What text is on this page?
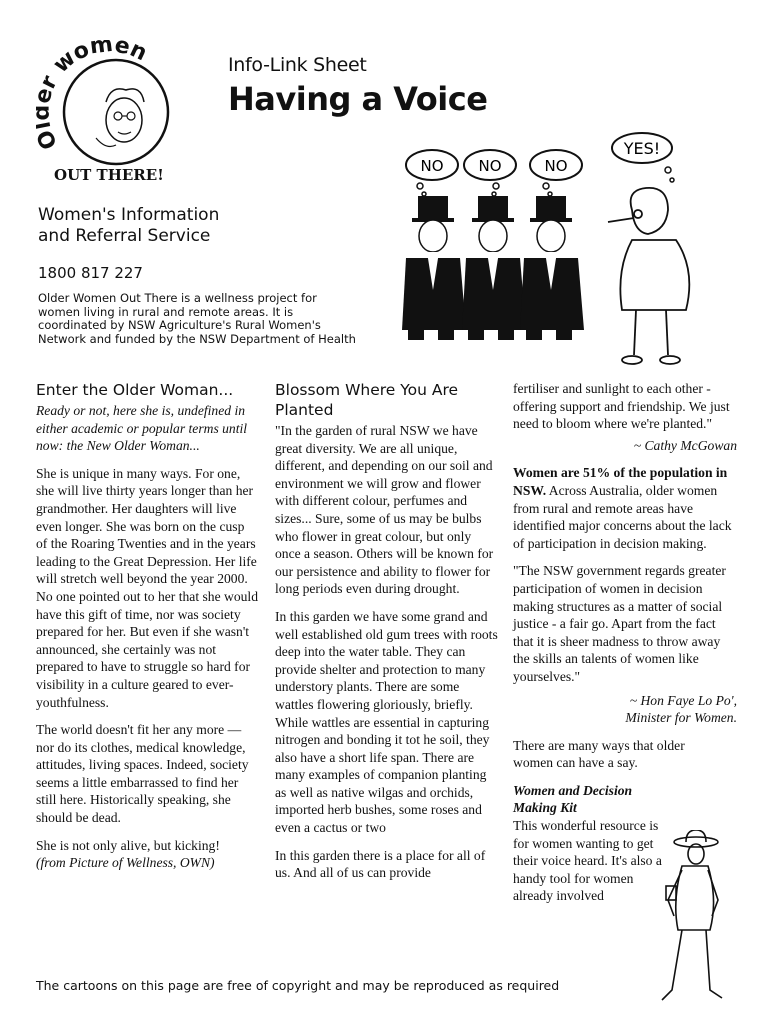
r women
OUT THERE!
Info-Link Sheet
Having a Voice
Women's Information
and Referral Service
1800 817 227
Older Women Out There is a wellness project for women living in rural and remote areas. It is coordinated by NSW Agriculture's Rural Women's Network and funded by the NSW Department of Health
NO NO	NO
YES!
Enter the Older Woman...

Ready or not, here she is, undefined in either academic or popular terms until now: the New Older Woman...

She is unique in many ways. For one, she will live thirty years longer than her grandmother. Her daughters will live even longer. She was born on the cusp of the Roaring Twenties and in the years leading to the Great Depression. Her life will stretch well beyond the year 2000. No one pointed out to her that she would have this gift of time, nor was society prepared for her. But even if she wasn't announced, she certainly was not prepared to have to struggle so hard for visibility in a culture geared to ever-youthfulness.

The world doesn't fit her any more — nor do its clothes, medical knowledge,
attitudes, living spaces. Indeed, society seems a little embarrassed to find her still here. Historically speaking, she should be dead.

She is not only alive, but kicking!
(from Picture of Wellness, OWN)

Blossom Where You Are Planted

"In the garden of rural NSW we have great diversity. We are all unique, different, and depending on our soil and environment we will grow and flower with different colour, perfumes and sizes... Sure, some of us may be bulbs who flower in great colour, but only once a season. Others will be known for our persistence and ability to flower for long periods even during drought.

In this garden we have some grand and well established old gum trees with roots deep into the water table. They can provide shelter and protection to many understory plants. There are some wattles flowering gloriously, briefly. While wattles are essential in capturing nitrogen and bonding it tot he soil, they also have a short life span. There are many examples of companion planting as well as native wilgas and orchids, imported herb bushes, some roses and even a cactus or two

In this garden there is a place for all of us. And all of us can provide

fertiliser and sunlight to each other - offering support and friendship. We just need to bloom where we're planted."

~ Cathy McGowan

Women are 51% of the population in NSW. Across Australia, older women from rural and remote areas have identified major concerns about the lack of participation in decision making.

"The NSW government regards greater participation of women in decision making structures as a matter of social justice - a fair go. Apart from the fact that it is sheer madness to throw away the skills an talents of women like yourselves."

~ Hon Faye Lo Po',
Minister for Women.

There are many ways that older women can have a say.

Women and Decision Making Kit

This wonderful resource is for women wanting to get their voice heard. It's also a handy tool for women already involved

The cartoons on this page are free of copyright and may be reproduced as required
